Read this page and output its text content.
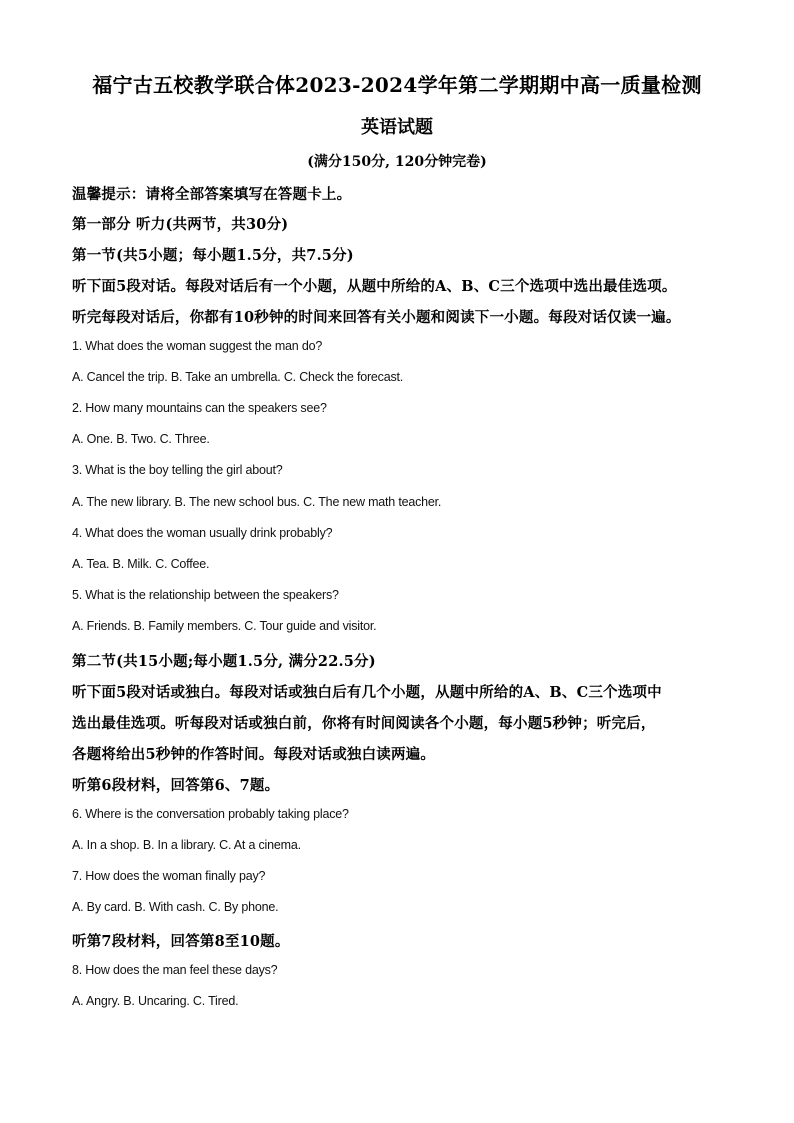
福宁古五校教学联合体2023-2024学年第二学期期中高一质量检测
英语试题
(满分150分, 120分钟完卷)
温馨提示：请将全部答案填写在答题卡上。
第一部分 听力(共两节，共30分)
第一节(共5小题；每小题1.5分，共7.5分)
听下面5段对话。每段对话后有一个小题，从题中所给的A、B、C三个选项中选出最佳选项。
听完每段对话后，你都有10秒钟的时间来回答有关小题和阅读下一小题。每段对话仅读一遍。
1. What does the woman suggest the man do?
A. Cancel the trip. B. Take an umbrella. C. Check the forecast.
2. How many mountains can the speakers see?
A. One. B. Two. C. Three.
3. What is the boy telling the girl about?
A. The new library. B. The new school bus. C. The new math teacher.
4. What does the woman usually drink probably?
A. Tea. B. Milk. C. Coffee.
5. What is the relationship between the speakers?
A. Friends. B. Family members. C. Tour guide and visitor.
第二节(共15小题;每小题1.5分, 满分22.5分)
听下面5段对话或独白。每段对话或独白后有几个小题，从题中所给的A、B、C三个选项中
选出最佳选项。听每段对话或独白前，你将有时间阅读各个小题，每小题5秒钟；听完后，
各题将给出5秒钟的作答时间。每段对话或独白读两遍。
听第6段材料，回答第6、7题。
6. Where is the conversation probably taking place?
A. In a shop. B. In a library. C. At a cinema.
7. How does the woman finally pay?
A. By card. B. With cash. C. By phone.
听第7段材料，回答第8至10题。
8. How does the man feel these days?
A. Angry. B. Uncaring. C. Tired.
